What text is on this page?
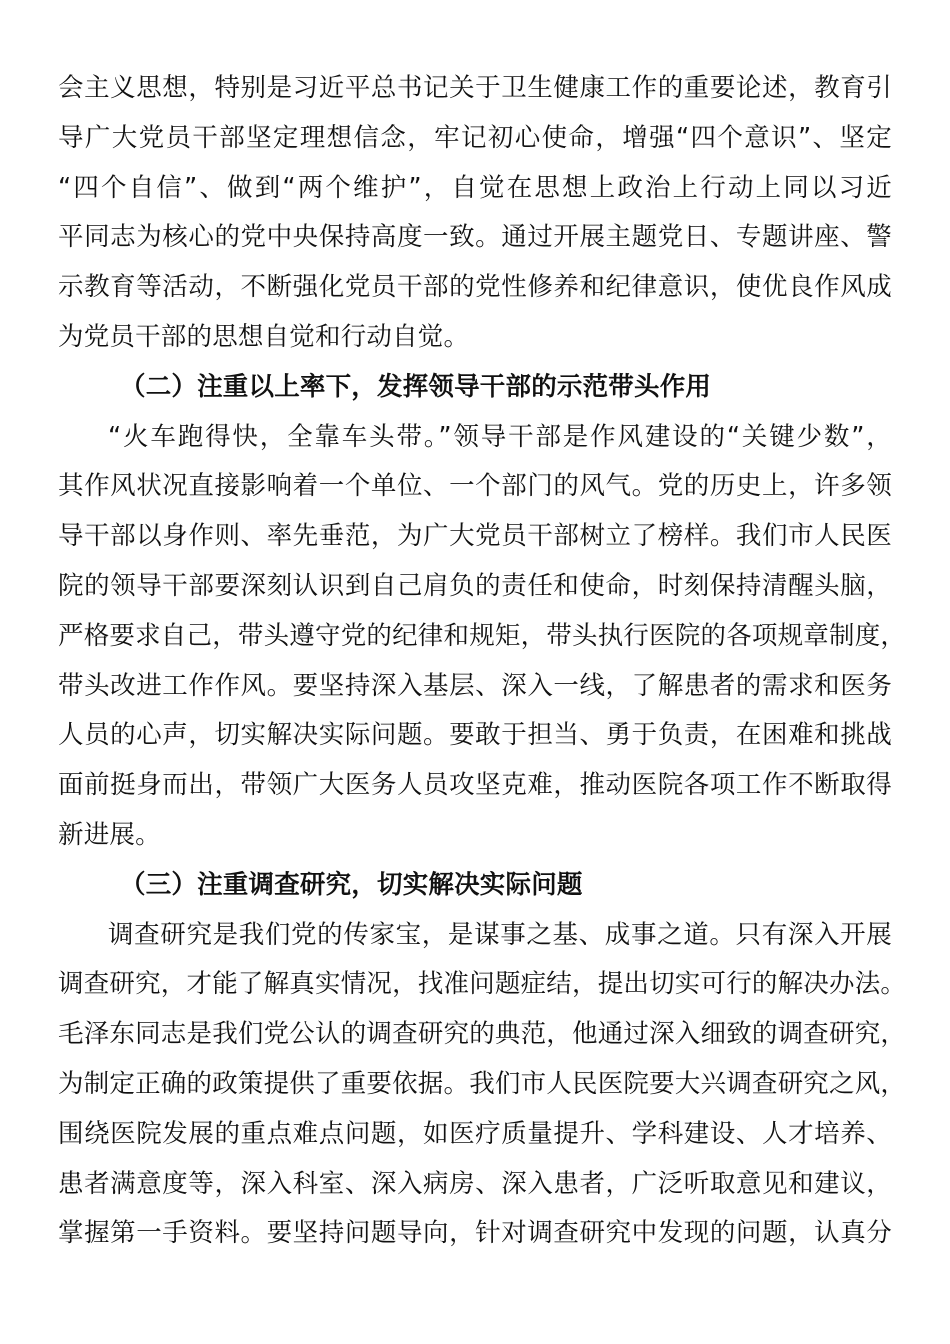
会主义思想，特别是习近平总书记关于卫生健康工作的重要论述，教育引
导广大党员干部坚定理想信念，牢记初心使命，增强“四个意识”、坚定
“四个自信”、做到“两个维护”，自觉在思想上政治上行动上同以习近
平同志为核心的党中央保持高度一致。通过开展主题党日、专题讲座、警
示教育等活动，不断强化党员干部的党性修养和纪律意识，使优良作风成
为党员干部的思想自觉和行动自觉。
（二）注重以上率下，发挥领导干部的示范带头作用
“火车跑得快，全靠车头带。”领导干部是作风建设的“关键少数”，
其作风状况直接影响着一个单位、一个部门的风气。党的历史上，许多领
导干部以身作则、率先垂范，为广大党员干部树立了榜样。我们市人民医
院的领导干部要深刻认识到自己肩负的责任和使命，时刻保持清醒头脑，
严格要求自己，带头遵守党的纪律和规矩，带头执行医院的各项规章制度，
带头改进工作作风。要坚持深入基层、深入一线，了解患者的需求和医务
人员的心声，切实解决实际问题。要敢于担当、勇于负责，在困难和挑战
面前挺身而出，带领广大医务人员攻坚克难，推动医院各项工作不断取得
新进展。
（三）注重调查研究，切实解决实际问题
调查研究是我们党的传家宝，是谋事之基、成事之道。只有深入开展
调查研究，才能了解真实情况，找准问题症结，提出切实可行的解决办法。
毛泽东同志是我们党公认的调查研究的典范，他通过深入细致的调查研究，
为制定正确的政策提供了重要依据。我们市人民医院要大兴调查研究之风，
围绕医院发展的重点难点问题，如医疗质量提升、学科建设、人才培养、
患者满意度等，深入科室、深入病房、深入患者，广泛听取意见和建议，
掌握第一手资料。要坚持问题导向，针对调查研究中发现的问题，认真分
